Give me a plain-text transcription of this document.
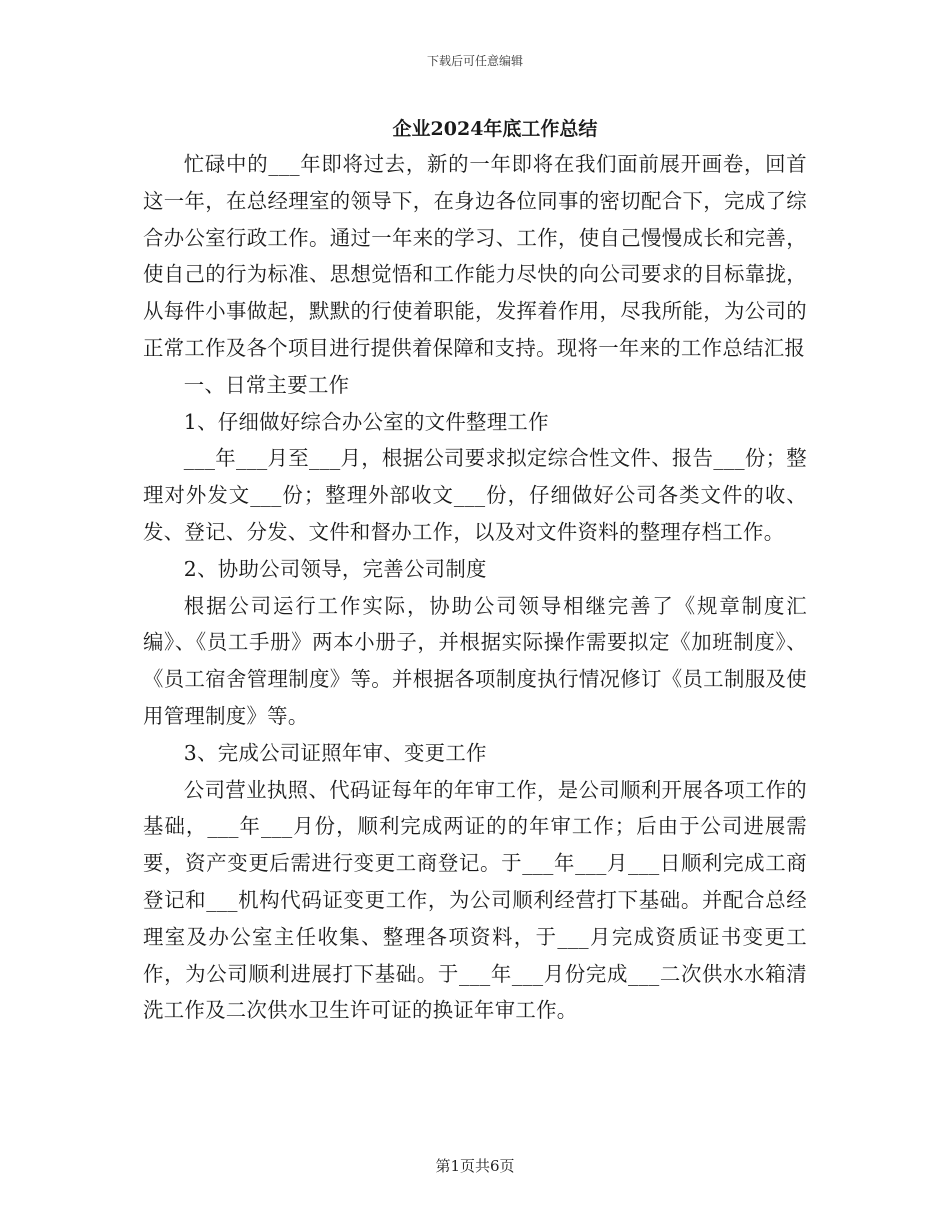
下载后可任意编辑
企业2024年底工作总结

忙碌中的___年即将过去，新的一年即将在我们面前展开画卷，回首这一年，在总经理室的领导下，在身边各位同事的密切配合下，完成了综合办公室行政工作。通过一年来的学习、工作，使自己慢慢成长和完善，使自己的行为标准、思想觉悟和工作能力尽快的向公司要求的目标靠拢，从每件小事做起，默默的行使着职能，发挥着作用，尽我所能，为公司的正常工作及各个项目进行提供着保障和支持。现将一年来的工作总结汇报

一、日常主要工作

1、仔细做好综合办公室的文件整理工作

___年___月至___月，根据公司要求拟定综合性文件、报告___份；整理对外发文___份；整理外部收文___份，仔细做好公司各类文件的收、发、登记、分发、文件和督办工作，以及对文件资料的整理存档工作。

2、协助公司领导，完善公司制度

根据公司运行工作实际，协助公司领导相继完善了《规章制度汇编》、《员工手册》两本小册子，并根据实际操作需要拟定《加班制度》、《员工宿舍管理制度》等。并根据各项制度执行情况修订《员工制服及使用管理制度》等。

3、完成公司证照年审、变更工作

公司营业执照、代码证每年的年审工作，是公司顺利开展各项工作的基础，___年___月份，顺利完成两证的的年审工作；后由于公司进展需要，资产变更后需进行变更工商登记。于___年___月___日顺利完成工商登记和___机构代码证变更工作，为公司顺利经营打下基础。并配合总经理室及办公室主任收集、整理各项资料，于___月完成资质证书变更工作，为公司顺利进展打下基础。于___年___月份完成___二次供水水箱清洗工作及二次供水卫生许可证的换证年审工作。

第1页共6页
